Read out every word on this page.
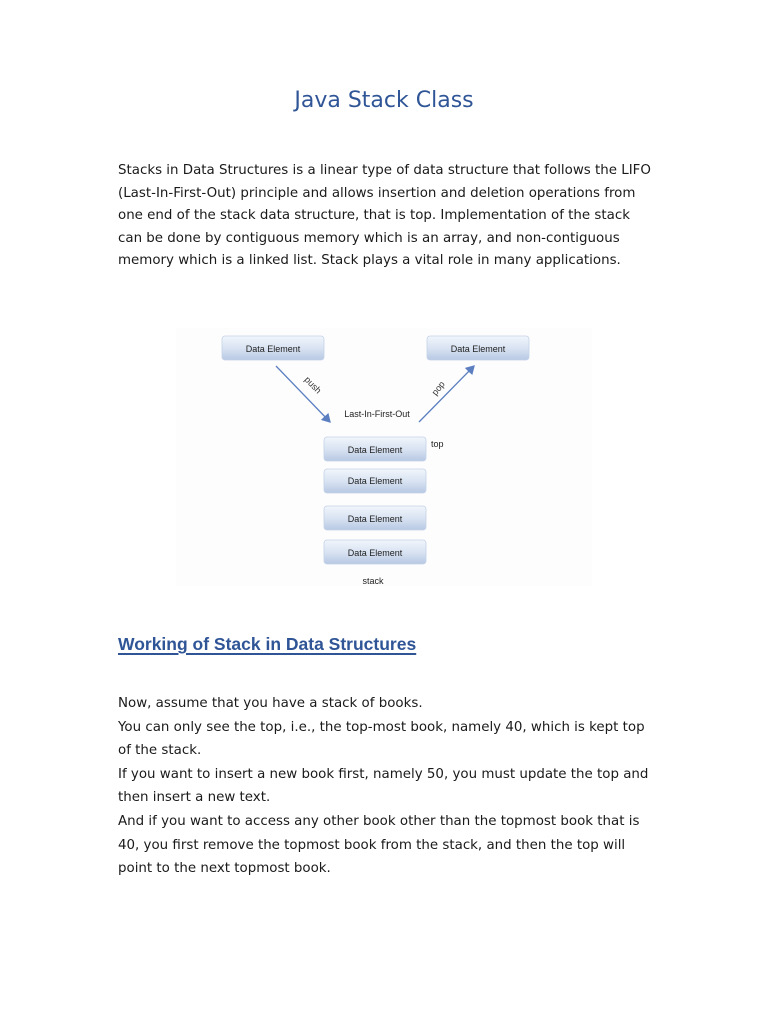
Java Stack Class

Stacks in Data Structures is a linear type of data structure that follows the LIFO (Last-In-First-Out) principle and allows insertion and deletion operations from one end of the stack data structure, that is top. Implementation of the stack can be done by contiguous memory which is an array, and non-contiguous memory which is a linked list. Stack plays a vital role in many applications.

Data Element	Data Element
push	pop
Last-In-First-Out
Data Element
top
Data Element
Data Element
Data Element
stack
Working of Stack in Data Structures

Now, assume that you have a stack of books.

You can only see the top, i.e., the top-most book, namely 40, which is kept top of the stack.

If you want to insert a new book first, namely 50, you must update the top and then insert a new text.

And if you want to access any other book other than the topmost book that is 40, you first remove the topmost book from the stack, and then the top will point to the next topmost book.
